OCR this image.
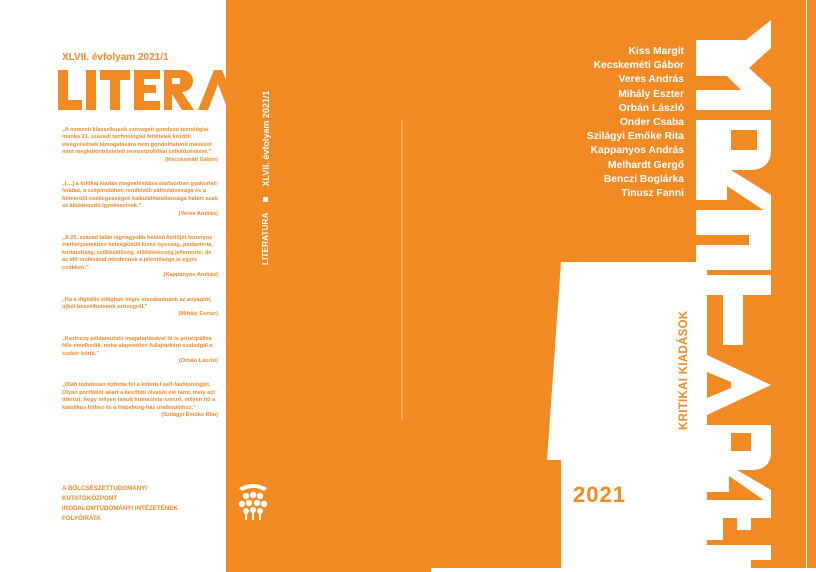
XLVII. évfolyam 2021/1
„A nemzeti klasszikusok szövegeit gondozó textológiai munka 21. századi technológiai feltételek közötti elvégzésének támogatására nem gondolhatunk másként mint megkülönböztetett nemzetpolitikai célkitűzésként.”
(Kecskeméti Gábor)
„[…] a kritikai kiadás megvalósítása elsősorban gyakorlati feladat, a szépirodalom rendkívüli változatossága és a fölmerülő esetlegességek kalkulálhatatlansága határt szab az általánosító igyekezetnek.”
(Veres András)
„A 20. század talán legnagyobb hatású költőjét bizonyos élethelyzetekben kétségkívüli kissé nyesség, pedantéria, koriátoltság, szűkkeblűség, előítéletesség jellemezte, de az idő múlásával mindennek a jelentősége is egyre csökken.”
(Kappanyos András)
„Ha a digitális világban végre elszakadnánk az anyagtól, újból beszélhetnénk szövegről.”
(Mihály Eszter)
„Kazinczy példamutató magatartásával itt is principálisa főle emelkedik, noha alapvetően fullajtárként szaladgál a szekér körül.”
(Orbán László)
„Oláh tudatosan építette fel a kötettel self-fashioningjét. Olyan portfóliót akart a későbbi olvasói elé tárni, mely azt tükrözi, hogy milyen tanult humanista szerző, milyen hű a katolikus hithez és a Habsburg-ház uralkodóihoz.”
(Szilágyi Emőke Rita)
A BÖLCSÉSZETTUDOMÁNYI
KUTATÓKÖZPONT
IRODALOMTUDOMÁNYI INTÉZETÉNEK
FOLYÓIRATA
LITERATURA  XLVII. évfolyam 2021/1
Kiss Margit
Kecskeméti Gábor
Veres András
Mihály Eszter
Orbán László
Onder Csaba
Szilágyi Emőke Rita
Kappanyos András
Melhardt Gergő
Benczi Boglárka
Tinusz Fanni
KRITIKAI KIADÁSOK
2021
